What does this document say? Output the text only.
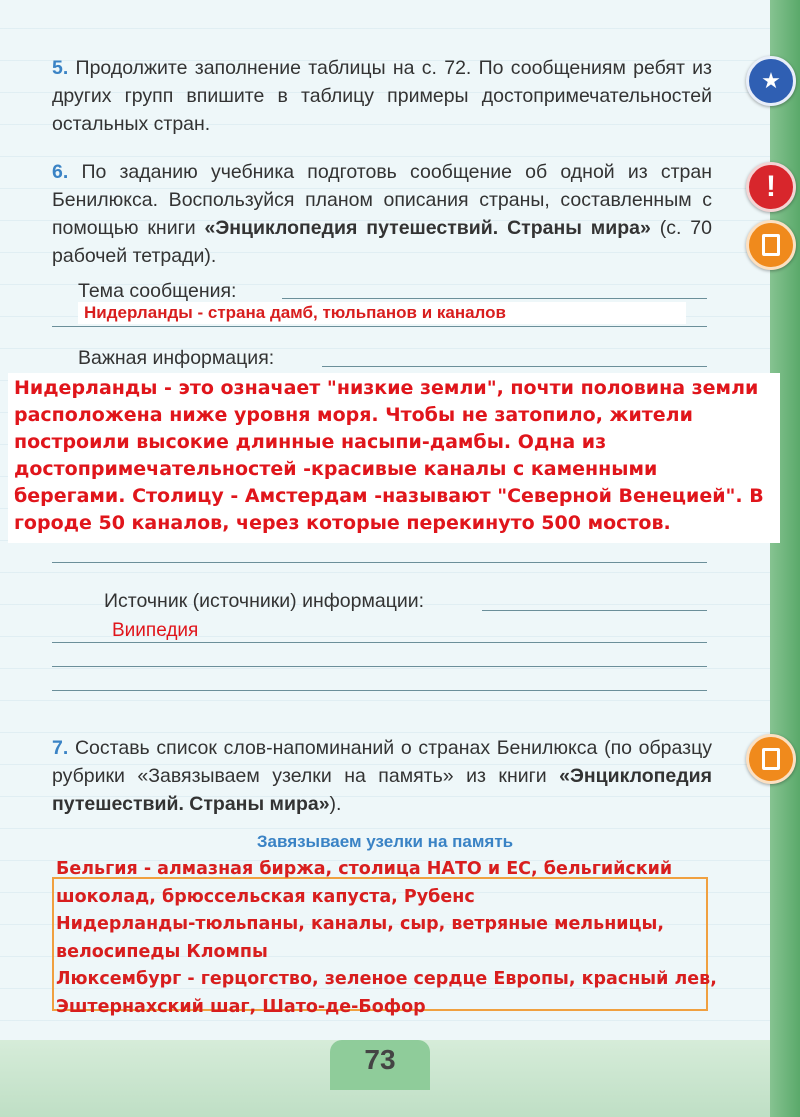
★
!
5. Продолжите заполнение таблицы на с. 72. По сообщениям ребят из других групп впишите в таблицу примеры достопримечательностей остальных стран.
6. По заданию учебника подготовь сообщение об одной из стран Бенилюкса. Воспользуйся планом описания страны, составленным с помощью книги «Энциклопедия путешествий. Страны мира» (с. 70 рабочей тетради).
Тема сообщения:
Нидерланды - страна дамб, тюльпанов и каналов
Важная информация:
Нидерланды - это означает "низкие земли", почти половина земли расположена ниже уровня моря. Чтобы не затопило, жители построили высокие длинные насыпи-дамбы. Одна из достопримечательностей -красивые каналы с каменными берегами. Столицу - Амстердам -называют "Северной Венецией". В городе 50 каналов, через которые перекинуто 500 мостов.
Источник (источники) информации:
Виипедия
7. Составь список слов-напоминаний о странах Бенилюкса (по образцу рубрики «Завязываем узелки на память» из книги «Энциклопедия путешествий. Страны мира»).
Завязываем узелки на память

Бельгия - алмазная биржа, столица НАТО и ЕС, бельгийский шоколад, брюссельская капуста, Рубенс

Нидерланды-тюльпаны, каналы, сыр, ветряные мельницы, велосипеды Кломпы

Люксембург - герцогство, зеленое сердце Европы, красный лев, Эштернахский шаг, Шато-де-Бофор

73
